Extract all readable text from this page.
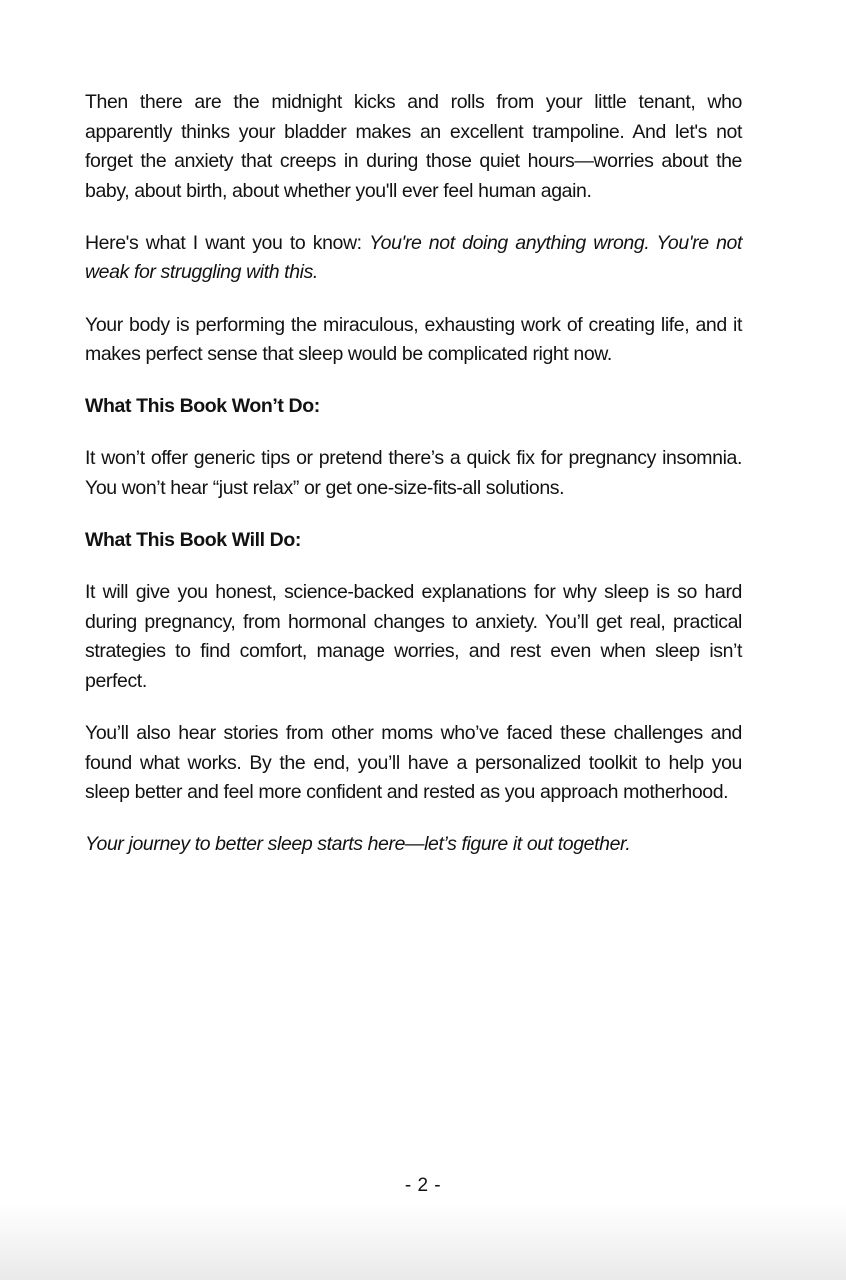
Then there are the midnight kicks and rolls from your little tenant, who apparently thinks your bladder makes an excellent trampoline. And let's not forget the anxiety that creeps in during those quiet hours—worries about the baby, about birth, about whether you'll ever feel human again.

Here's what I want you to know: You're not doing anything wrong. You're not weak for struggling with this.

Your body is performing the miraculous, exhausting work of creating life, and it makes perfect sense that sleep would be complicated right now.

What This Book Won’t Do:

It won’t offer generic tips or pretend there’s a quick fix for pregnancy insomnia. You won’t hear “just relax” or get one-size-fits-all solutions.

What This Book Will Do:

It will give you honest, science-backed explanations for why sleep is so hard during pregnancy, from hormonal changes to anxiety. You’ll get real, practical strategies to find comfort, manage worries, and rest even when sleep isn’t perfect.

You’ll also hear stories from other moms who’ve faced these challenges and found what works. By the end, you’ll have a personalized toolkit to help you sleep better and feel more confident and rested as you approach motherhood.

Your journey to better sleep starts here—let’s figure it out together.

- 2 -
